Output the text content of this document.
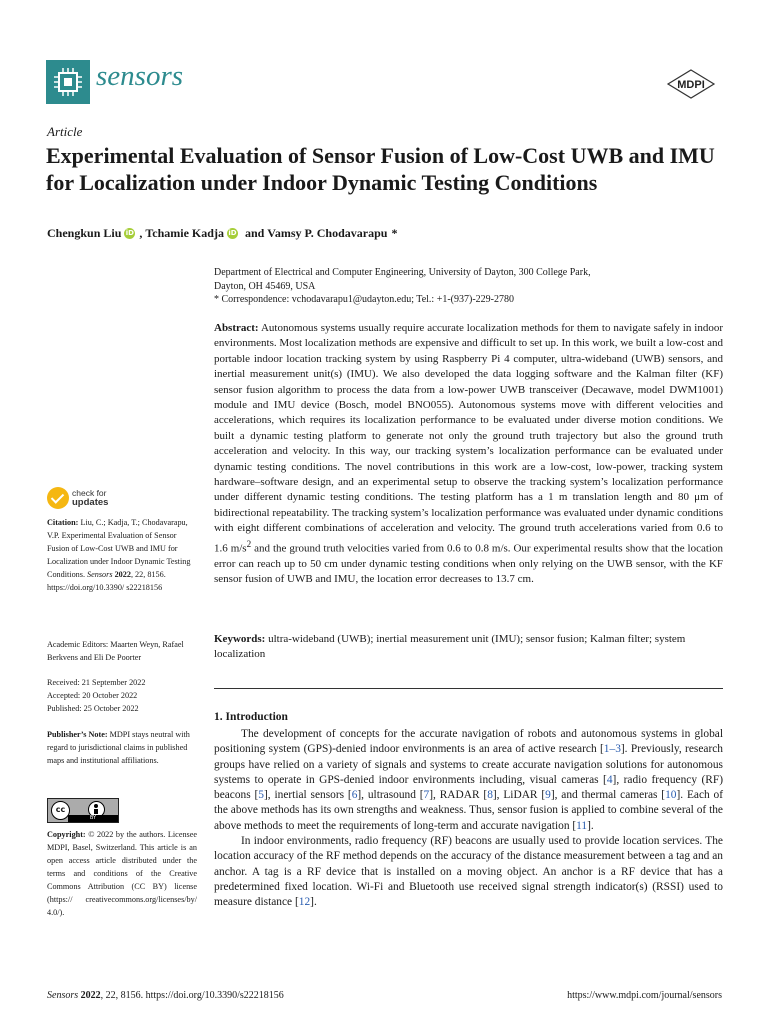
sensors	MDPI
Article
Experimental Evaluation of Sensor Fusion of Low-Cost UWB and IMU for Localization under Indoor Dynamic Testing Conditions
Chengkun Liu iD , Tchamie Kadja iD and Vamsy P. Chodavarapu *
Department of Electrical and Computer Engineering, University of Dayton, 300 College Park,
Dayton, OH 45469, USA
* Correspondence: vchodavarapu1@udayton.edu; Tel.: +1-(937)-229-2780

Abstract: Autonomous systems usually require accurate localization methods for them to navigate safely in indoor environments. Most localization methods are expensive and difficult to set up. In this work, we built a low-cost and portable indoor location tracking system by using Raspberry Pi 4 computer, ultra-wideband (UWB) sensors, and inertial measurement unit(s) (IMU). We also developed the data logging software and the Kalman filter (KF) sensor fusion algorithm to process the data from a low-power UWB transceiver (Decawave, model DWM1001) module and IMU device (Bosch, model BNO055). Autonomous systems move with different velocities and accelerations, which requires its localization performance to be evaluated under diverse motion conditions. We built a dynamic testing platform to generate not only the ground truth trajectory but also the ground truth acceleration and velocity. In this way, our tracking system’s localization performance can be evaluated under dynamic testing conditions. The novel contributions in this work are a low-cost, low-power, tracking system hardware–software design, and an experimental setup to observe the tracking system’s localization performance under different dynamic testing conditions. The testing platform has a 1 m translation length and 80 μm of bidirectional repeatability. The tracking system’s localization performance was evaluated under dynamic conditions with eight different combinations of acceleration and velocity. The ground truth accelerations varied from 0.6 to 1.6 $m/s^2$ and the ground truth velocities varied from 0.6 to 0.8 m/s. Our experimental results show that the location error can reach up to 50 cm under dynamic testing conditions when only relying on the UWB sensor, with the KF sensor fusion of UWB and IMU, the location error decreases to 13.7 cm.

Keywords: ultra-wideband (UWB); inertial measurement unit (IMU); sensor fusion; Kalman filter; system localization

1. Introduction

The development of concepts for the accurate navigation of robots and autonomous systems in global positioning system (GPS)-denied indoor environments is an area of active research [1–3]. Previously, research groups have relied on a variety of signals and systems to create accurate navigation solutions for autonomous systems to operate in GPS-denied indoor environments including, visual cameras [4], radio frequency (RF) beacons [5], inertial sensors [6], ultrasound [7], RADAR [8], LiDAR [9], and thermal cameras [10]. Each of the above methods has its own strengths and weakness. Thus, sensor fusion is applied to combine several of the above methods to meet the requirements of long-term and accurate navigation [11].

In indoor environments, radio frequency (RF) beacons are usually used to provide location services. The location accuracy of the RF method depends on the accuracy of the distance measurement between a tag and an anchor. A tag is a RF device that is installed on a moving object. An anchor is a RF device that has a predetermined fixed location. Wi-Fi and Bluetooth use received signal strength indicator(s) (RSSI) used to measure distance [12].

check for
updates

Citation: Liu, C.; Kadja, T.; Chodavarapu, V.P. Experimental Evaluation of Sensor Fusion of Low-Cost UWB and IMU for Localization under Indoor Dynamic Testing Conditions. Sensors 2022, 22, 8156. https://doi.org/10.3390/ s22218156

Academic Editors: Maarten Weyn, Rafael Berkvens and Eli De Poorter

Received: 21 September 2022

Accepted: 20 October 2022

Published: 25 October 2022

Publisher’s Note: MDPI stays neutral with regard to jurisdictional claims in published maps and institutional affiliations.

cc
BY

Copyright: © 2022 by the authors. Licensee MDPI, Basel, Switzerland. This article is an open access article distributed under the terms and conditions of the Creative Commons Attribution (CC BY) license (https:// creativecommons.org/licenses/by/ 4.0/).

Sensors 2022, 22, 8156. https://doi.org/10.3390/s22218156	https://www.mdpi.com/journal/sensors
